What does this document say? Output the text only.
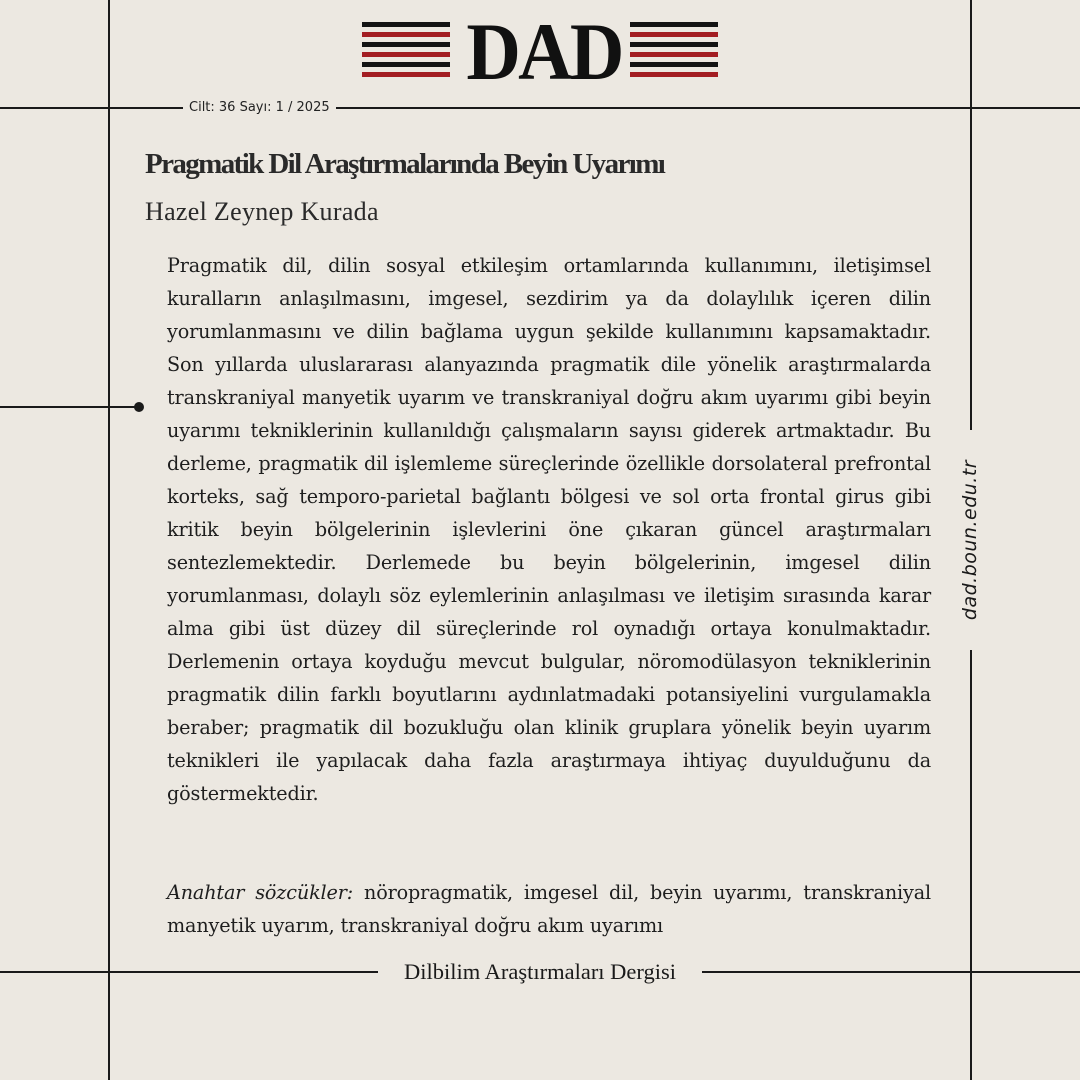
DAD
Cilt: 36 Sayı: 1 / 2025
Pragmatik Dil Araştırmalarında Beyin Uyarımı
Hazel Zeynep Kurada

Pragmatik dil, dilin sosyal etkileşim ortamlarında kullanımını, iletişimsel kuralların anlaşılmasını, imgesel, sezdirim ya da dolaylılık içeren dilin yorumlanmasını ve dilin bağlama uygun şekilde kullanımını kapsamaktadır. Son yıllarda uluslararası alanyazında pragmatik dile yönelik araştırmalarda transkraniyal manyetik uyarım ve transkraniyal doğru akım uyarımı gibi beyin uyarımı tekniklerinin kullanıldığı çalışmaların sayısı giderek artmaktadır. Bu derleme, pragmatik dil işlemleme süreçlerinde özellikle dorsolateral prefrontal korteks, sağ temporo-parietal bağlantı bölgesi ve sol orta frontal girus gibi kritik beyin bölgelerinin işlevlerini öne çıkaran güncel araştırmaları sentezlemektedir. Derlemede bu beyin bölgelerinin, imgesel dilin yorumlanması, dolaylı söz eylemlerinin anlaşılması ve iletişim sırasında karar alma gibi üst düzey dil süreçlerinde rol oynadığı ortaya konulmaktadır. Derlemenin ortaya koyduğu mevcut bulgular, nöromodülasyon tekniklerinin pragmatik dilin farklı boyutlarını aydınlatmadaki potansiyelini vurgulamakla beraber; pragmatik dil bozukluğu olan klinik gruplara yönelik beyin uyarım teknikleri ile yapılacak daha fazla araştırmaya ihtiyaç duyulduğunu da göstermektedir.

Anahtar sözcükler: nöropragmatik, imgesel dil, beyin uyarımı, transkraniyal manyetik uyarım, transkraniyal doğru akım uyarımı

dad.boun.edu.tr
Dilbilim Araştırmaları Dergisi
